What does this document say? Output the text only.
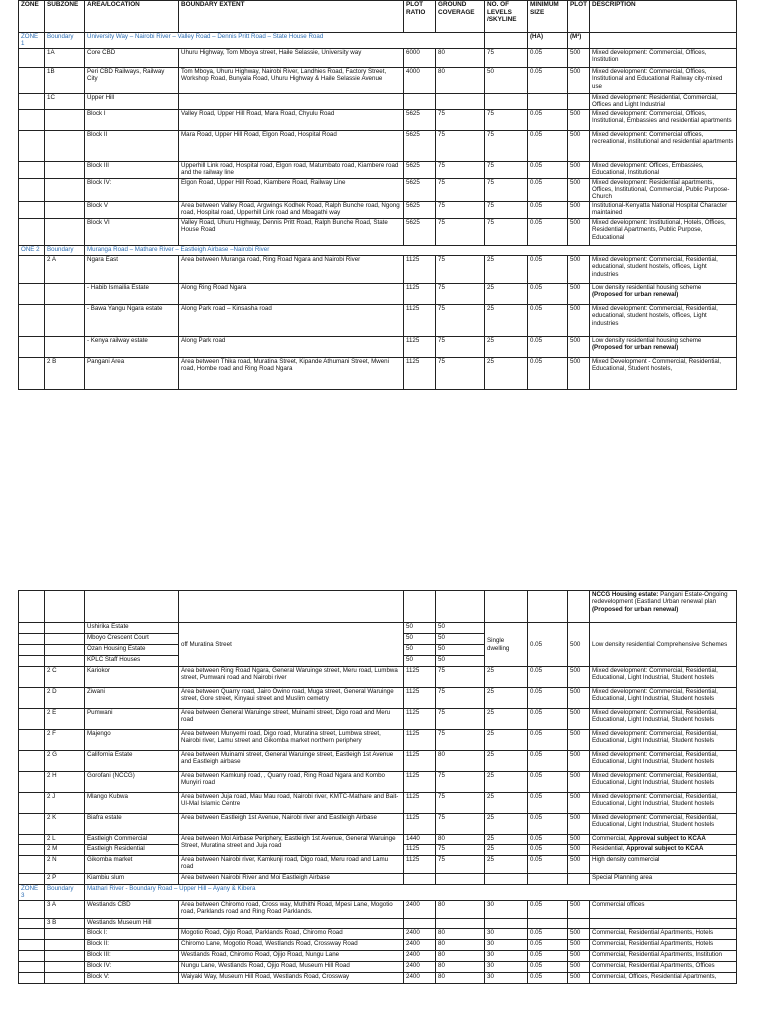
ZONE	SUBZONE	AREA/LOCATION	BOUNDARY EXTENT	PLOT RATIO	GROUND COVERAGE	NO. OF LEVELS /SKYLINE	MINIMUM SIZE	PLOT	DESCRIPTION
ZONE 1	Boundary	University Way – Nairobi River – Valley Road – Dennis Pritt Road – State House Road					(HA)	(M²)	
	1A	Core CBD	Uhuru Highway, Tom Mboya street, Haile Selassie, University way	6000	80	75	0.05	500	Mixed development: Commercial, Offices, Institution
	1B	Peri CBD Railways, Railway City	Tom Mboya, Uhuru Highway, Nairobi River, Landhies Road, Factory Street, Workshop Road, Bunyala Road, Uhuru Highway & Haile Selassie Avenue	4000	80	50	0.05	500	Mixed development: Commercial, Offices, Institutional and Educational Railway city-mixed use
	1C	Upper Hill							Mixed development: Residential, Commercial, Offices and Light Industrial
		Block I	Valley Road, Upper Hill Road, Mara Road, Chyulu Road	5625	75	75	0.05	500	Mixed development: Commercial, Offices, Institutional, Embassies and residential apartments
		Block II	Mara Road, Upper Hill Road, Elgon Road, Hospital Road	5625	75	75	0.05	500	Mixed development: Commercial offices, recreational, institutional and residential apartments
		Block III	Upperhill Link road, Hospital road, Elgon road, Matumbato road, Kiambere road and the railway line	5625	75	75	0.05	500	Mixed development: Offices, Embassies, Educational, Institutional
		Block IV:	Elgon Road, Upper Hill Road, Kiambere Road, Railway Line	5625	75	75	0.05	500	Mixed development: Residential apartments, Offices, Institutional, Commercial, Public Purpose-Church
		Block V	Area between Valley Road, Argwings Kodhek Road, Ralph Bunche road, Ngong road, Hospital road, Upperhill Link road and Mbagathi way	5625	75	75	0.05	500	Institutional-Kenyatta National Hospital Character maintained
		Block VI	Valley Road, Uhuru Highway, Dennis Pritt Road, Ralph Bunche Road, State House Road	5625	75	75	0.05	500	Mixed development: Institutional, Hotels, Offices, Residential Apartments, Public Purpose, Educational
ONE 2	Boundary	Muranga Road – Mathare River – Eastleigh Airbase –Nairobi River							
	2 A	Ngara East	Area between Muranga road, Ring Road Ngara and Nairobi River	1125	75	25	0.05	500	Mixed development: Commercial, Residential, educational, student hostels, offices, Light industries
		- Habib Ismailia Estate	Along Ring Road Ngara	1125	75	25	0.05	500	Low density residential housing scheme
(Proposed for urban renewal)
		- Bawa Yangu Ngara estate	Along Park road – Kinsasha road	1125	75	25	0.05	500	Mixed development: Commercial, Residential, educational, student hostels, offices, Light industries
		- Kenya railway estate	Along Park road	1125	75	25	0.05	500	Low density residential housing scheme
(Proposed for urban renewal)
	2 B	Pangani Area	Area between Thika road, Muratina Street, Kipande Athumani Street, Mweni road, Hombe road and Ring Road Ngara	1125	75	25	0.05	500	Mixed Development - Commercial, Residential, Educational, Student hostels,
									NCCG Housing estate: Pangani Estate-Ongoing redevelopment (Eastland Urban renewal plan (Proposed for urban renewal)
		Ushirika Estate	off Muratina Street	50	50	Single dwelling	0.05	500	Low density residential Comprehensive Schemes
		Mboyo Crescent Court		50	50				
		Ozan Housing Estate		50	50				
		KPLC Staff Houses		50	50				
	2 C	Kariokor	Area between Ring Road Ngara, General Waruinge street, Meru road, Lumbwa street, Pumwani road and Nairobi river	1125	75	25	0.05	500	Mixed development: Commercial, Residential, Educational, Light Industrial, Student hostels
	2 D	Ziwani	Area between Quarry road, Jairo Owino road, Muga street, General Waruinge street, Gore street, Kinyaui street and Muslim cemetry	1125	75	25	0.05	500	Mixed development: Commercial, Residential, Educational, Light Industrial, Student hostels
	2 E	Pumwani	Area between General Waruinge street, Muinami street, Digo road and Meru road	1125	75	25	0.05	500	Mixed development: Commercial, Residential, Educational, Light Industrial, Student hostels
	2 F	Majengo	Area between Munyemi road, Digo road, Muratina street, Lumbwa street, Nairobi river, Lamu street and Gikomba market northern periphery	1125	75	25	0.05	500	Mixed development: Commercial, Residential, Educational, Light Industrial, Student hostels
	2 G	California Estate	Area between Muinami street, General Waruinge street, Eastleigh 1st Avenue and Eastleigh airbase	1125	80	25	0.05	500	Mixed development: Commercial, Residential, Educational, Light Industrial, Student hostels
	2 H	Gorofani (NCCG)	Area between Kamkunji road, , Quarry road, Ring Road Ngara and Kombo Munyiri road	1125	75	25	0.05	500	Mixed development: Commercial, Residential, Educational, Light Industrial, Student hostels
	2 J	Mlango Kubwa	Area between Juja road, Mau Mau road, Nairobi river, KMTC-Mathare and Bait-Ul-Mal Islamic Centre	1125	75	25	0.05	500	Mixed development: Commercial, Residential, Educational, Light Industrial, Student hostels
	2 K	Biafra estate	Area between Eastleigh 1st Avenue, Nairobi river and Eastleigh Airbase	1125	75	25	0.05	500	Mixed development: Commercial, Residential, Educational, Light Industrial, Student hostels
	2 L	Eastleigh Commercial	Area between Moi Airbase Periphery, Eastleigh 1st Avenue, General Waruinge Street, Muratina street and Juja road	1440	80	25	0.05	500	Commercial, Approval subject to KCAA
	2 M	Eastleigh Residential		1125	75	25	0.05	500	Residential, Approval subject to KCAA
	2 N	Gikomba market	Area between Nairobi river, Kamkunji road, Digo road, Meru road and Lamu road	1125	75	25	0.05	500	High density commercial
	2 P	Kiambiu slum	Area between Nairobi River and Moi Eastleigh Airbase						Special Planning area
ZONE 3	Boundary	Mathari River - Boundary Road – Upper Hill – Ayany & Kibera							
	3 A	Westlands CBD	Area between Chiromo road, Cross way, Muthithi Road, Mpesi Lane, Mogotio road, Parklands road and Ring Road Parklands.	2400	80	30	0.05	500	Commercial offices
	3 B	Westlands Museum Hill							
		Block I:	Mogotio Road, Ojijo Road, Parklands Road, Chiromo Road	2400	80	30	0.05	500	Commercial, Residential Apartments, Hotels
		Block II:	Chiromo Lane, Mogotio Road, Westlands Road, Crossway Road	2400	80	30	0.05	500	Commercial, Residential Apartments, Hotels
		Block III:	Westlands Road, Chiromo Road, Ojijo Road, Nungu Lane	2400	80	30	0.05	500	Commercial, Residential Apartments, Institution
		Block IV:	Nungu Lane, Westlands Road, Ojijo Road, Museum Hill Road	2400	80	30	0.05	500	Commercial, Residential Apartments, Offices
		Block V:	Waiyaki Way, Museum Hill Road, Westlands Road, Crossway	2400	80	30	0.05	500	Commercial, Offices, Residential Apartments,
